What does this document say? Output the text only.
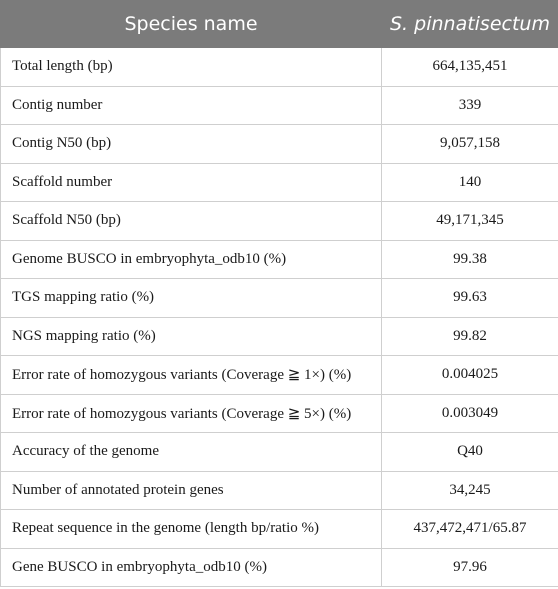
Species name	S. pinnatisectum
Total length (bp)	664,135,451
Contig number	339
Contig N50 (bp)	9,057,158
Scaffold number	140
Scaffold N50 (bp)	49,171,345
Genome BUSCO in embryophyta_odb10 (%)	99.38
TGS mapping ratio (%)	99.63
NGS mapping ratio (%)	99.82
Error rate of homozygous variants (Coverage ≧ 1×) (%)	0.004025
Error rate of homozygous variants (Coverage ≧ 5×) (%)	0.003049
Accuracy of the genome	Q40
Number of annotated protein genes	34,245
Repeat sequence in the genome (length bp/ratio %)	437,472,471/65.87
Gene BUSCO in embryophyta_odb10 (%)	97.96
